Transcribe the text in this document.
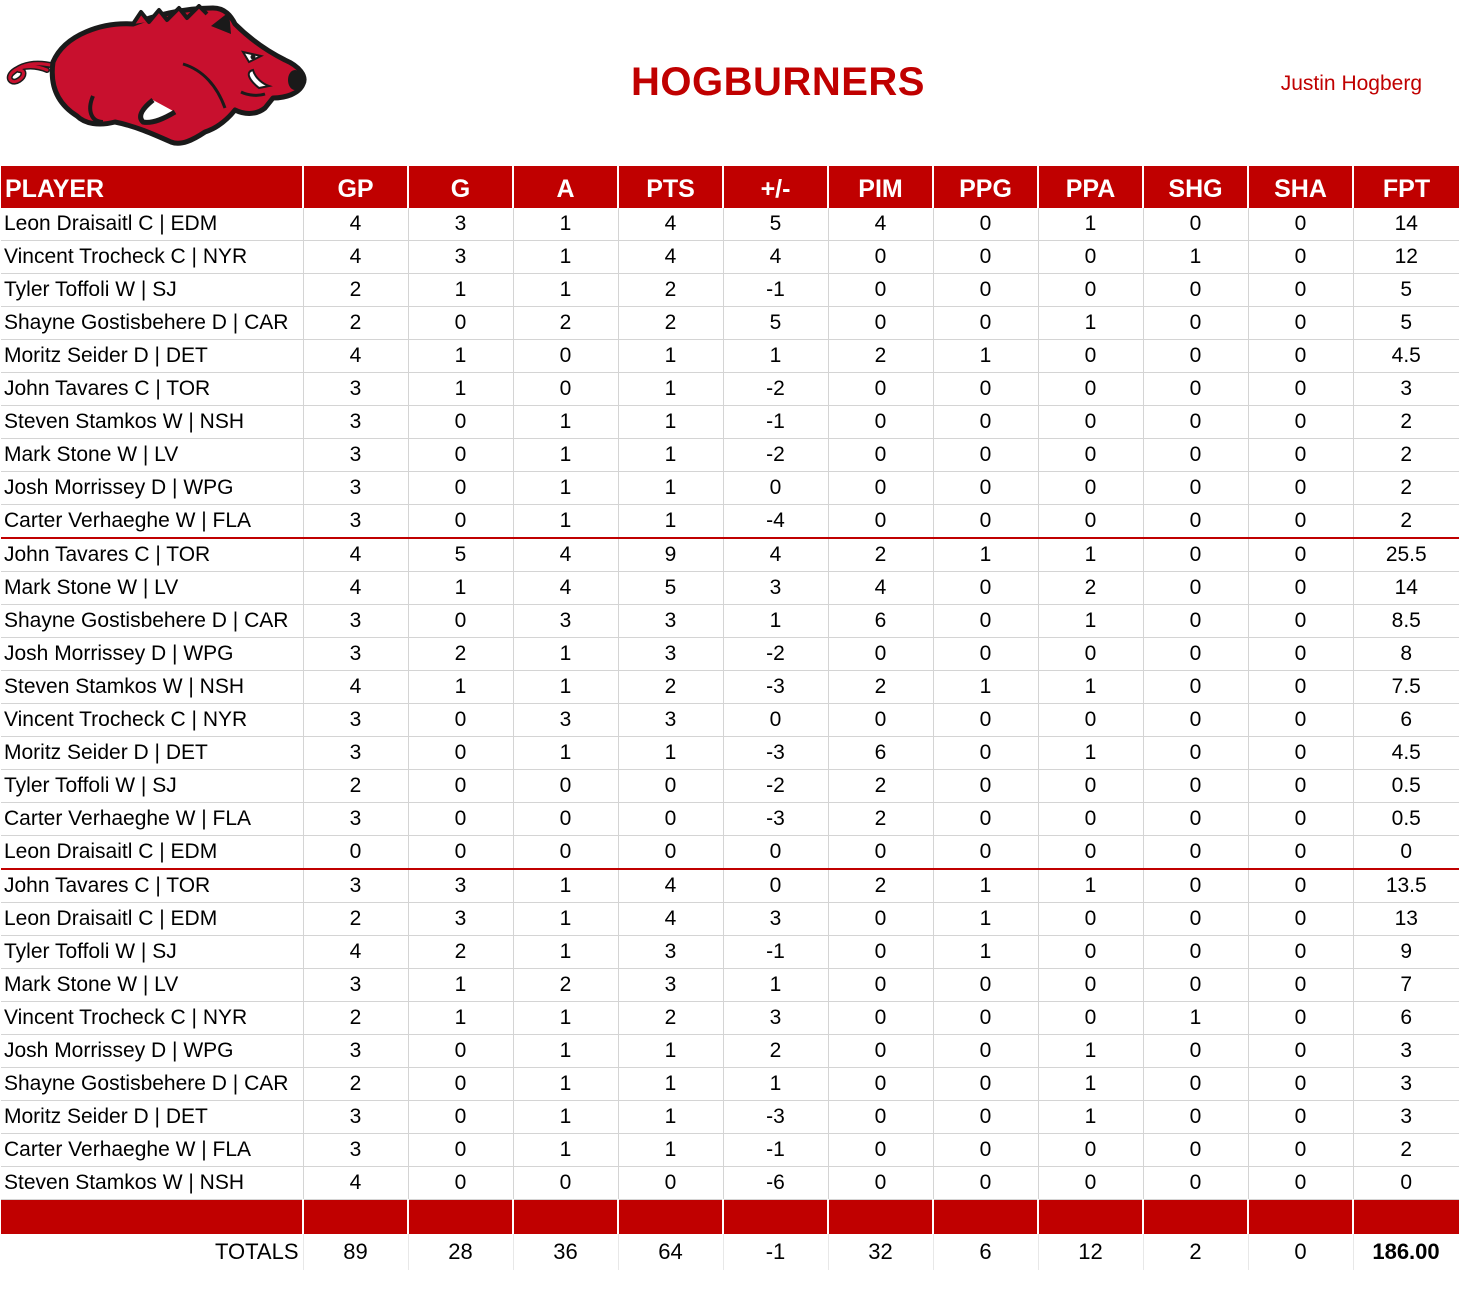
HOGBURNERS	Justin Hogberg
PLAYER	GP	G	A	PTS	+/-	PIM	PPG	PPA	SHG	SHA	FPT
Leon Draisaitl C | EDM	4	3	1	4	5	4	0	1	0	0	14
Vincent Trocheck C | NYR	4	3	1	4	4	0	0	0	1	0	12
Tyler Toffoli W | SJ	2	1	1	2	-1	0	0	0	0	0	5
Shayne Gostisbehere D | CAR	2	0	2	2	5	0	0	1	0	0	5
Moritz Seider D | DET	4	1	0	1	1	2	1	0	0	0	4.5
John Tavares C | TOR	3	1	0	1	-2	0	0	0	0	0	3
Steven Stamkos W | NSH	3	0	1	1	-1	0	0	0	0	0	2
Mark Stone W | LV	3	0	1	1	-2	0	0	0	0	0	2
Josh Morrissey D | WPG	3	0	1	1	0	0	0	0	0	0	2
Carter Verhaeghe W | FLA	3	0	1	1	-4	0	0	0	0	0	2
John Tavares C | TOR	4	5	4	9	4	2	1	1	0	0	25.5
Mark Stone W | LV	4	1	4	5	3	4	0	2	0	0	14
Shayne Gostisbehere D | CAR	3	0	3	3	1	6	0	1	0	0	8.5
Josh Morrissey D | WPG	3	2	1	3	-2	0	0	0	0	0	8
Steven Stamkos W | NSH	4	1	1	2	-3	2	1	1	0	0	7.5
Vincent Trocheck C | NYR	3	0	3	3	0	0	0	0	0	0	6
Moritz Seider D | DET	3	0	1	1	-3	6	0	1	0	0	4.5
Tyler Toffoli W | SJ	2	0	0	0	-2	2	0	0	0	0	0.5
Carter Verhaeghe W | FLA	3	0	0	0	-3	2	0	0	0	0	0.5
Leon Draisaitl C | EDM	0	0	0	0	0	0	0	0	0	0	0
John Tavares C | TOR	3	3	1	4	0	2	1	1	0	0	13.5
Leon Draisaitl C | EDM	2	3	1	4	3	0	1	0	0	0	13
Tyler Toffoli W | SJ	4	2	1	3	-1	0	1	0	0	0	9
Mark Stone W | LV	3	1	2	3	1	0	0	0	0	0	7
Vincent Trocheck C | NYR	2	1	1	2	3	0	0	0	1	0	6
Josh Morrissey D | WPG	3	0	1	1	2	0	0	1	0	0	3
Shayne Gostisbehere D | CAR	2	0	1	1	1	0	0	1	0	0	3
Moritz Seider D | DET	3	0	1	1	-3	0	0	1	0	0	3
Carter Verhaeghe W | FLA	3	0	1	1	-1	0	0	0	0	0	2
Steven Stamkos W | NSH	4	0	0	0	-6	0	0	0	0	0	0

TOTALS	89	28	36	64	-1	32	6	12	2	0	186.00
